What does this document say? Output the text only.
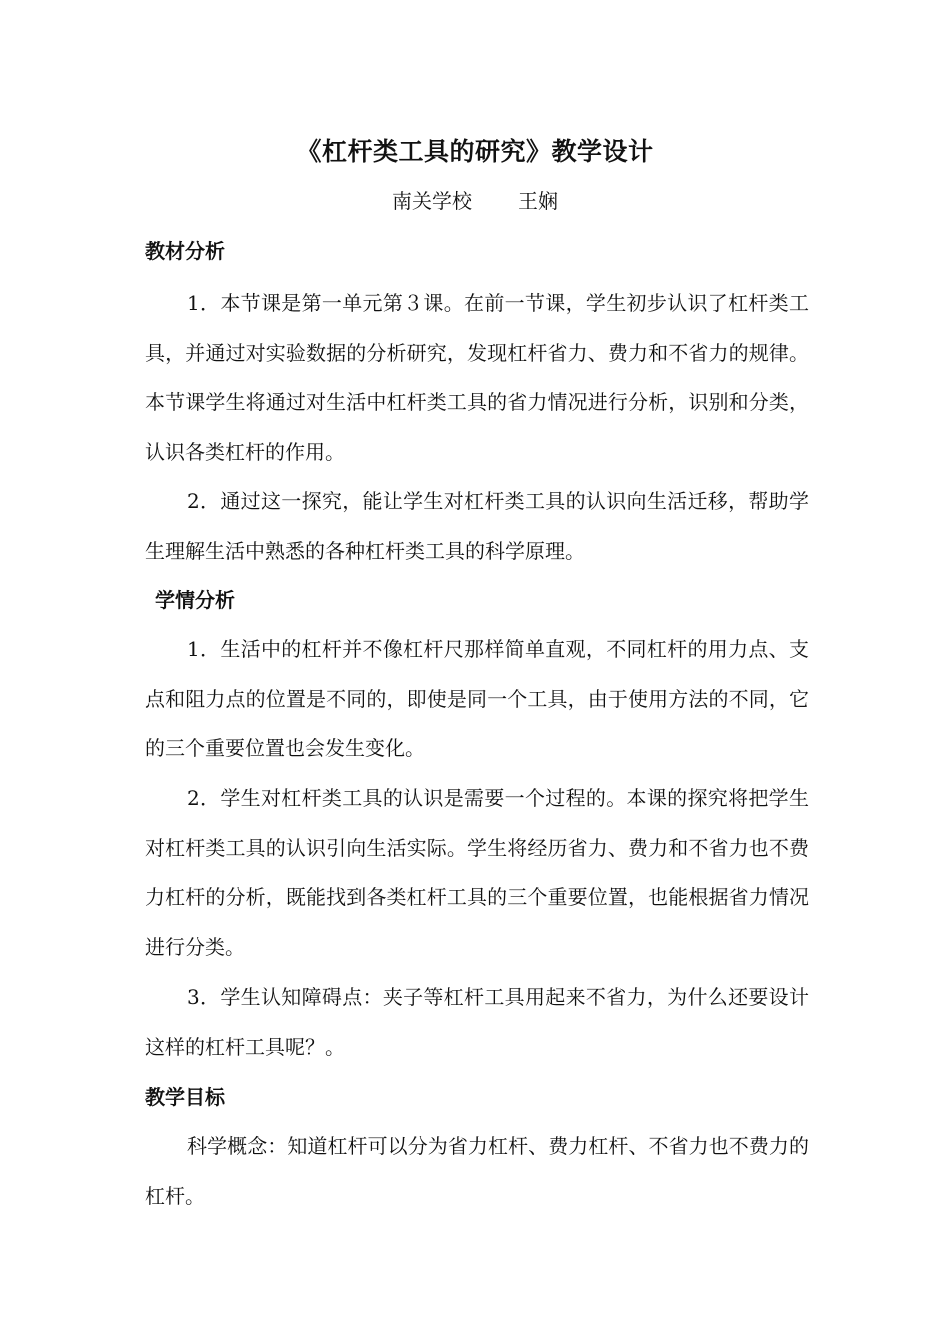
《杠杆类工具的研究》教学设计
南关学校 王娴
教材分析

1．本节课是第一单元第３课。在前一节课，学生初步认识了杠杆类工具，并通过对实验数据的分析研究，发现杠杆省力、费力和不省力的规律。本节课学生将通过对生活中杠杆类工具的省力情况进行分析，识别和分类，认识各类杠杆的作用。

2．通过这一探究，能让学生对杠杆类工具的认识向生活迁移，帮助学生理解生活中熟悉的各种杠杆类工具的科学原理。

学情分析

1．生活中的杠杆并不像杠杆尺那样简单直观，不同杠杆的用力点、支点和阻力点的位置是不同的，即使是同一个工具，由于使用方法的不同，它的三个重要位置也会发生变化。

2．学生对杠杆类工具的认识是需要一个过程的。本课的探究将把学生对杠杆类工具的认识引向生活实际。学生将经历省力、费力和不省力也不费力杠杆的分析，既能找到各类杠杆工具的三个重要位置，也能根据省力情况进行分类。

3．学生认知障碍点：夹子等杠杆工具用起来不省力，为什么还要设计这样的杠杆工具呢？。

教学目标

科学概念：知道杠杆可以分为省力杠杆、费力杠杆、不省力也不费力的杠杆。
